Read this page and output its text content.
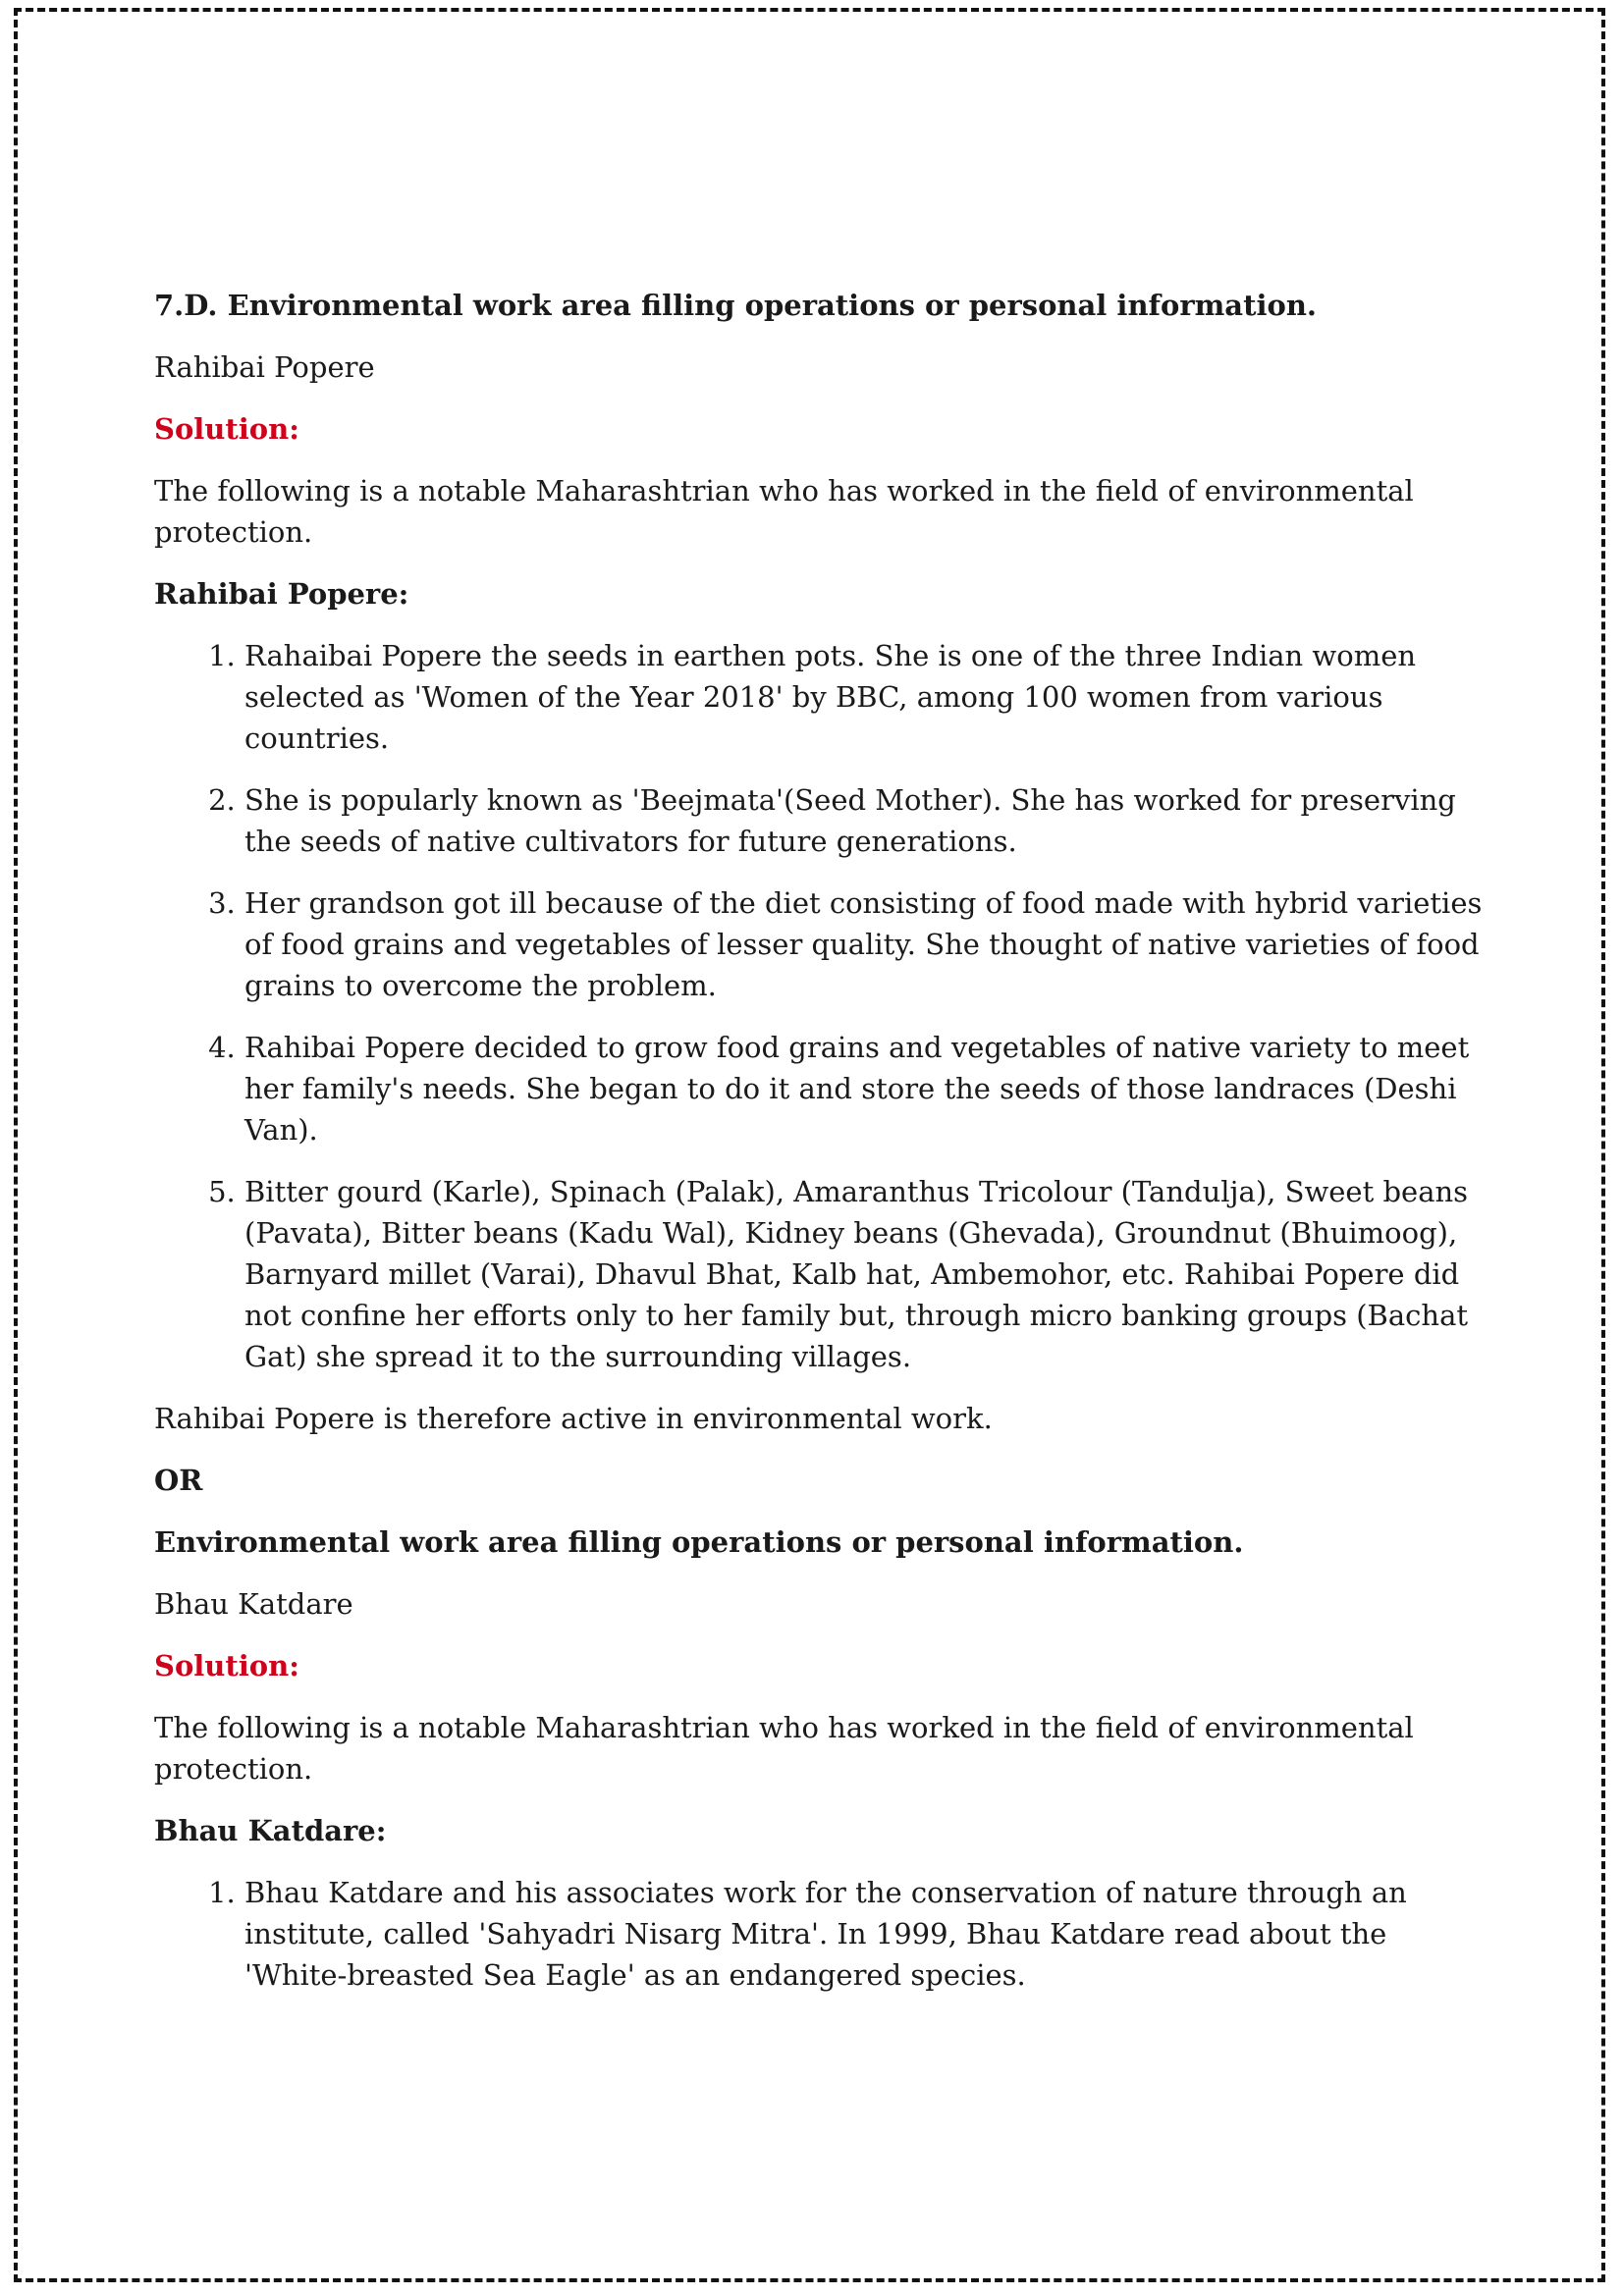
7.D. Environmental work area filling operations or personal information.

Rahibai Popere

Solution:

The following is a notable Maharashtrian who has worked in the field of environmental protection.

Rahibai Popere:

1. Rahaibai Popere the seeds in earthen pots. She is one of the three Indian women selected as 'Women of the Year 2018' by BBC, among 100 women from various countries.
2. She is popularly known as 'Beejmata'(Seed Mother). She has worked for preserving the seeds of native cultivators for future generations.
3. Her grandson got ill because of the diet consisting of food made with hybrid varieties of food grains and vegetables of lesser quality. She thought of native varieties of food grains to overcome the problem.
4. Rahibai Popere decided to grow food grains and vegetables of native variety to meet her family's needs. She began to do it and store the seeds of those landraces (Deshi Van).
5. Bitter gourd (Karle), Spinach (Palak), Amaranthus Tricolour (Tandulja), Sweet beans (Pavata), Bitter beans (Kadu Wal), Kidney beans (Ghevada), Groundnut (Bhuimoog), Barnyard millet (Varai), Dhavul Bhat, Kalb hat, Ambemohor, etc. Rahibai Popere did not confine her efforts only to her family but, through micro banking groups (Bachat Gat) she spread it to the surrounding villages.

Rahibai Popere is therefore active in environmental work.

OR

Environmental work area filling operations or personal information.

Bhau Katdare

Solution:

The following is a notable Maharashtrian who has worked in the field of environmental protection.

Bhau Katdare:

1. Bhau Katdare and his associates work for the conservation of nature through an institute, called 'Sahyadri Nisarg Mitra'. In 1999, Bhau Katdare read about the 'White-breasted Sea Eagle' as an endangered species.
